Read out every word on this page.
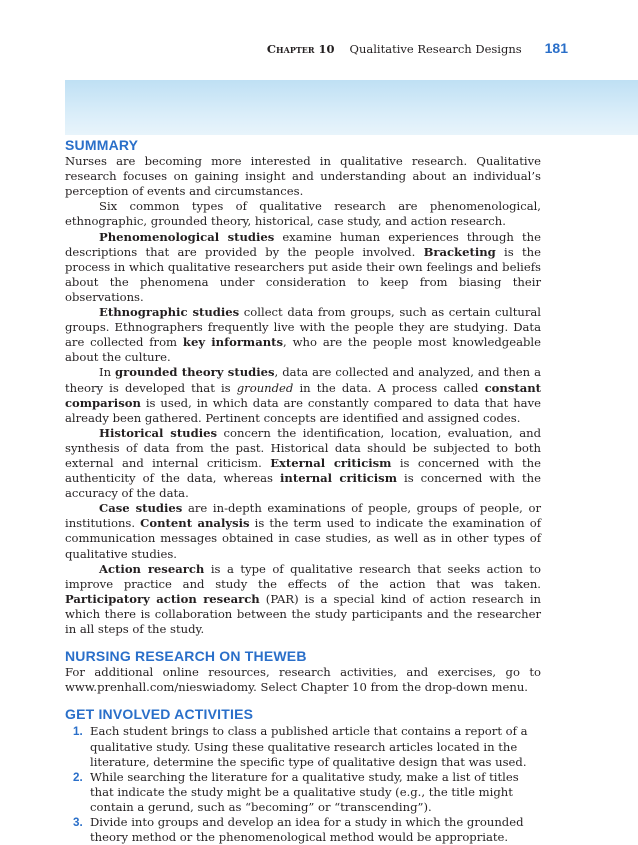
Chapter 10 Qualitative Research Designs 181
SUMMARY

Nurses are becoming more interested in qualitative research. Qualitative research focuses on gaining insight and understanding about an individual’s perception of events and circumstances.

Six common types of qualitative research are phenomenological, ethnographic, grounded theory, historical, case study, and action research.

Phenomenological studies examine human experiences through the descriptions that are provided by the people involved. Bracketing is the process in which qualitative researchers put aside their own feelings and beliefs about the phenomena under consideration to keep from biasing their observations.

Ethnographic studies collect data from groups, such as certain cultural groups. Ethnographers frequently live with the people they are studying. Data are collected from key informants, who are the people most knowledgeable about the culture.

In grounded theory studies, data are collected and analyzed, and then a theory is developed that is grounded in the data. A process called constant comparison is used, in which data are constantly compared to data that have already been gathered. Pertinent concepts are identified and assigned codes.

Historical studies concern the identification, location, evaluation, and synthesis of data from the past. Historical data should be subjected to both external and internal criticism. External criticism is concerned with the authenticity of the data, whereas internal criticism is concerned with the accuracy of the data.

Case studies are in-depth examinations of people, groups of people, or institutions. Content analysis is the term used to indicate the examination of communication messages obtained in case studies, as well as in other types of qualitative studies.

Action research is a type of qualitative research that seeks action to improve practice and study the effects of the action that was taken. Participatory action research (PAR) is a special kind of action research in which there is collaboration between the study participants and the researcher in all steps of the study.

NURSING RESEARCH ON THEWEB

For additional online resources, research activities, and exercises, go to www.prenhall.com/nieswiadomy. Select Chapter 10 from the drop-down menu.

GET INVOLVED ACTIVITIES
1. Each student brings to class a published article that contains a report of a qualitative study. Using these qualitative research articles located in the literature, determine the specific type of qualitative design that was used.
2. While searching the literature for a qualitative study, make a list of titles that indicate the study might be a qualitative study (e.g., the title might contain a gerund, such as “becoming” or “transcending”).
3. Divide into groups and develop an idea for a study in which the grounded theory method or the phenomenological method would be appropriate.
